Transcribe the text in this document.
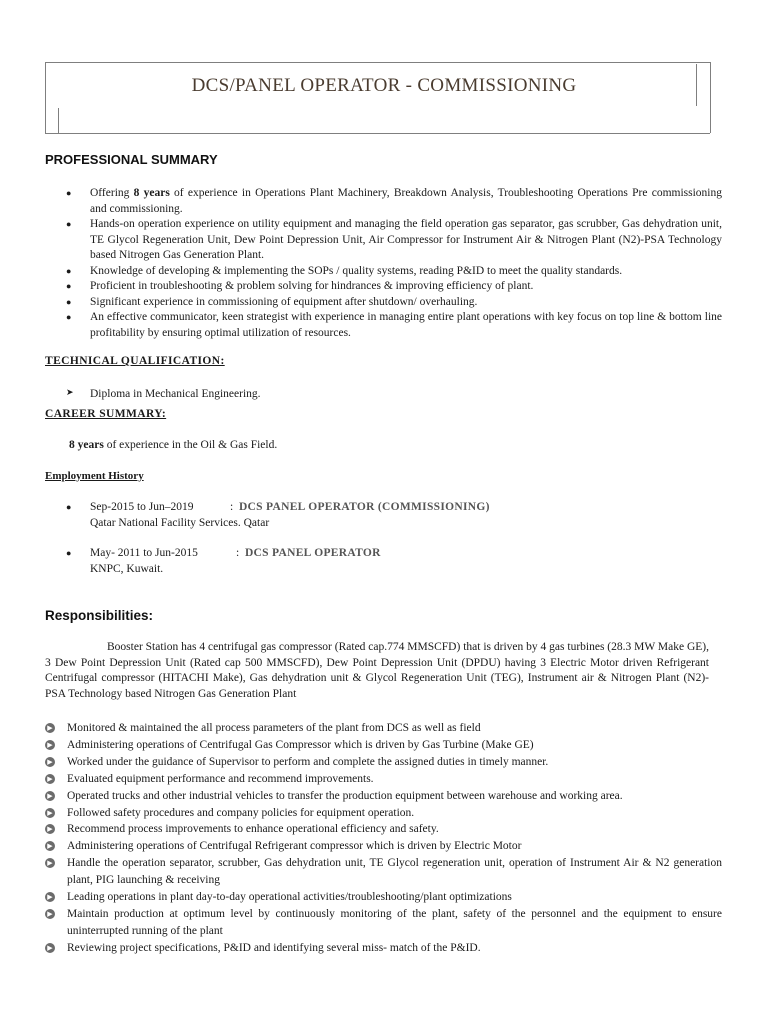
DCS/PANEL OPERATOR - COMMISSIONING
PROFESSIONAL SUMMARY
● Offering 8 years of experience in Operations Plant Machinery, Breakdown Analysis, Troubleshooting Operations Pre commissioning and commissioning.
● Hands-on operation experience on utility equipment and managing the field operation gas separator, gas scrubber, Gas dehydration unit, TE Glycol Regeneration Unit, Dew Point Depression Unit, Air Compressor for Instrument Air & Nitrogen Plant (N2)-PSA Technology based Nitrogen Gas Generation Plant.
● Knowledge of developing & implementing the SOPs / quality systems, reading P&ID to meet the quality standards.
● Proficient in troubleshooting & problem solving for hindrances & improving efficiency of plant.
● Significant experience in commissioning of equipment after shutdown/ overhauling.
● An effective communicator, keen strategist with experience in managing entire plant operations with key focus on top line & bottom line profitability by ensuring optimal utilization of resources.
TECHNICAL QUALIFICATION:
➤ Diploma in Mechanical Engineering.
CAREER SUMMARY:
8 years of experience in the Oil & Gas Field.
Employment History
● Sep-2015 to Jun–2019	: DCS PANEL OPERATOR (COMMISSIONING)
Qatar National Facility Services. Qatar
● May- 2011 to Jun-2015	: DCS PANEL OPERATOR
KNPC, Kuwait.
Responsibilities:
Booster Station has 4 centrifugal gas compressor (Rated cap.774 MMSCFD) that is driven by 4 gas turbines (28.3 MW Make GE), 3 Dew Point Depression Unit (Rated cap 500 MMSCFD), Dew Point Depression Unit (DPDU) having 3 Electric Motor driven Refrigerant Centrifugal compressor (HITACHI Make), Gas dehydration unit & Glycol Regeneration Unit (TEG), Instrument air & Nitrogen Plant (N2)-PSA Technology based Nitrogen Gas Generation Plant
▶ Monitored & maintained the all process parameters of the plant from DCS as well as field
▶ Administering operations of Centrifugal Gas Compressor which is driven by Gas Turbine (Make GE)
▶ Worked under the guidance of Supervisor to perform and complete the assigned duties in timely manner.
▶ Evaluated equipment performance and recommend improvements.
▶ Operated trucks and other industrial vehicles to transfer the production equipment between warehouse and working area.
▶ Followed safety procedures and company policies for equipment operation.
▶ Recommend process improvements to enhance operational efficiency and safety.
▶ Administering operations of Centrifugal Refrigerant compressor which is driven by Electric Motor
▶ Handle the operation separator, scrubber, Gas dehydration unit, TE Glycol regeneration unit, operation of Instrument Air & N2 generation plant, PIG launching & receiving
▶ Leading operations in plant day-to-day operational activities/troubleshooting/plant optimizations
▶ Maintain production at optimum level by continuously monitoring of the plant, safety of the personnel and the equipment to ensure uninterrupted running of the plant
▶ Reviewing project specifications, P&ID and identifying several miss- match of the P&ID.
